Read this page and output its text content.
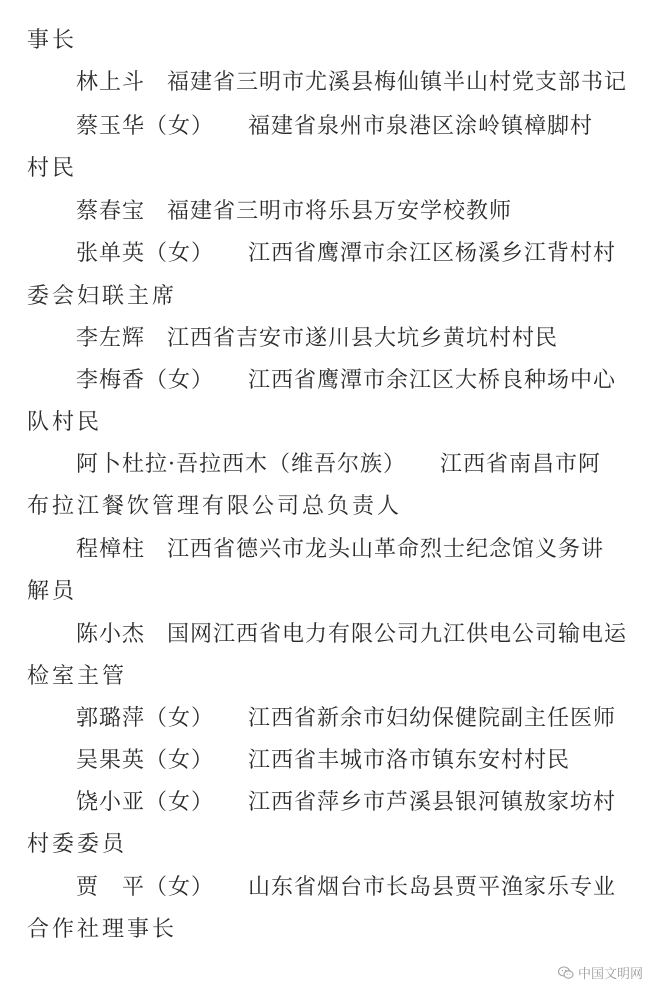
事长
林上斗 福建省三明市尤溪县梅仙镇半山村党支部书记
蔡玉华（女） 福建省泉州市泉港区涂岭镇樟脚村
村民
蔡春宝 福建省三明市将乐县万安学校教师
张单英（女） 江西省鹰潭市余江区杨溪乡江背村村
委会妇联主席
李左辉 江西省吉安市遂川县大坑乡黄坑村村民
李梅香（女） 江西省鹰潭市余江区大桥良种场中心
队村民
阿卜杜拉·吾拉西木（维吾尔族） 江西省南昌市阿
布拉江餐饮管理有限公司总负责人
程樟柱 江西省德兴市龙头山革命烈士纪念馆义务讲
解员
陈小杰 国网江西省电力有限公司九江供电公司输电运
检室主管
郭璐萍（女） 江西省新余市妇幼保健院副主任医师
吴果英（女） 江西省丰城市洛市镇东安村村民
饶小亚（女） 江西省萍乡市芦溪县银河镇敖家坊村
村委委员
贾　平（女） 山东省烟台市长岛县贾平渔家乐专业
合作社理事长
中国文明网
